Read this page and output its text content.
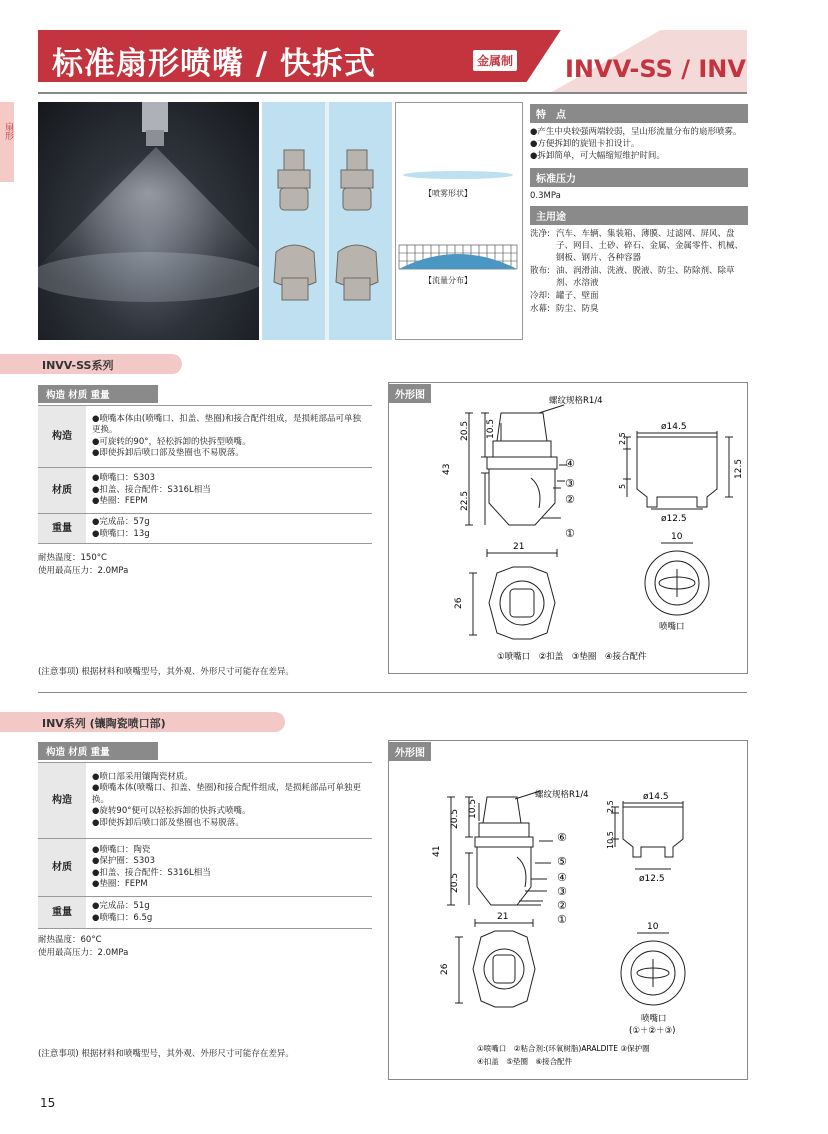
标准扇形喷嘴 / 快拆式	金属制 INVV-SS / INV
扇形
【喷雾形状】
【流量分布】
特　点
●产生中央较强两端较弱，呈山形流量分布的扇形喷雾。
●方便拆卸的旋钮卡扣设计。
●拆卸简单，可大幅缩短维护时间。
标准压力
0.3MPa
主用途
洗净: 汽车、车辆、集装箱、薄膜、过滤网、屏风、盘子、网目、土砂、碎石、金属、金属零件、机械、钢板、钢片、各种容器
散布: 油、润滑油、洗液、脱液、防尘、防除剂、除草剂、水溶液
冷却: 罐子、壁面
水幕: 防尘、防臭
INVV-SS系列
构造 材质 重量
构造	●喷嘴本体由(喷嘴口、扣盖、垫圈)和接合配件组成，是损耗部品可单独更换。
●可旋转的90°，轻松拆卸的快拆型喷嘴。
●即使拆卸后喷口部及垫圈也不易脱落。

材质	●喷嘴口：S303
●扣盖、接合配件：S316L相当
●垫圈：FEPM

重量	●完成品：57g
●喷嘴口：13g
耐热温度：150°C
使用最高压力：2.0MPa
(注意事项) 根据材料和喷嘴型号，其外观、外形尺寸可能存在差异。
外形图	螺纹规格R1/4
43
20.5 10.5
22.5
21
26
ø14.5
2.5
5
12.5
ø12.5
10
④
③
②
①
喷嘴口
①喷嘴口　②扣盖　③垫圈　④接合配件
INV系列 (镶陶瓷喷口部)
构造 材质 重量
构造	●喷口部采用镶陶瓷材质。
●喷嘴本体(喷嘴口、扣盖、垫圈)和接合配件组成，是损耗部品可单独更换。
●旋转90°便可以轻松拆卸的快拆式喷嘴。
●即使拆卸后喷口部及垫圈也不易脱落。

材质	●喷嘴口：陶瓷
●保护圈：S303
●扣盖、接合配件：S316L相当
●垫圈：FEPM

重量	●完成品：51g
●喷嘴口：6.5g
耐热温度：60°C
使用最高压力：2.0MPa
(注意事项) 根据材料和喷嘴型号，其外观、外形尺寸可能存在差异。
外形图
螺纹规格R1/4
41
20.5 10.5
20.5
21
26
ø14.5
2.5
10.5
ø12.5
10
⑥
⑤
④
③
②
①
喷嘴口
(①＋②＋③)
①喷嘴口　②粘合剂:(环氧树脂)ARALDITE ③保护圈
④扣盖　⑤垫圈　⑥接合配件
15
